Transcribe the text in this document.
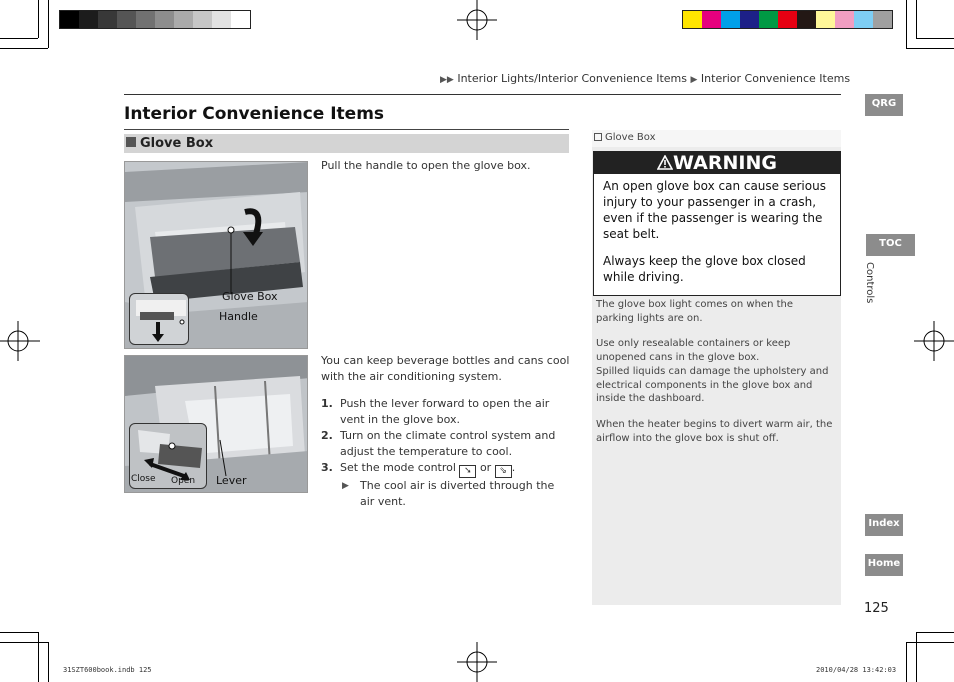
▶▶ Interior Lights/Interior Convenience Items ▶ Interior Convenience Items
Interior Convenience Items
Glove Box
Glove Box
Handle
Pull the handle to open the glove box.
Close Open Lever
You can keep beverage bottles and cans cool with the air conditioning system.
1. Push the lever forward to open the air vent in the glove box.
2. Turn on the climate control system and adjust the temperature to cool.
3. Set the mode control ➘ or ⇘ .
▶ The cool air is diverted through the air vent.
Glove Box
WARNING
An open glove box can cause serious injury to your passenger in a crash, even if the passenger is wearing the seat belt.
Always keep the glove box closed while driving.
The glove box light comes on when the parking lights are on.
Use only resealable containers or keep unopened cans in the glove box.
Spilled liquids can damage the upholstery and electrical components in the glove box and inside the dashboard.
When the heater begins to divert warm air, the airflow into the glove box is shut off.
QRG
TOC
Controls
Index
Home
125
31SZT600book.indb 125	2010/04/28 13:42:03
